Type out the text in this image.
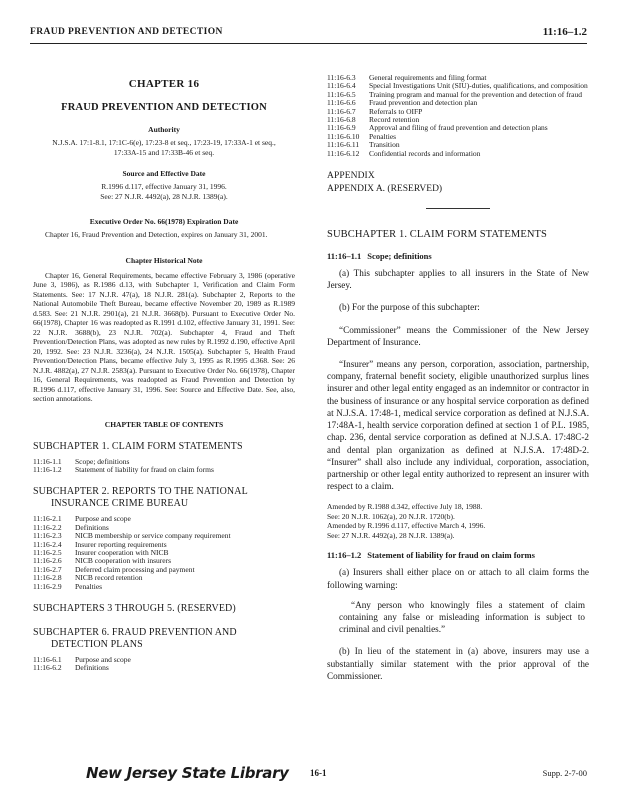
FRAUD PREVENTION AND DETECTION	11:16–1.2
CHAPTER 16
FRAUD PREVENTION AND DETECTION
Authority
N.J.S.A. 17:1-8.1, 17:1C-6(e), 17:23-8 et seq., 17:23-19, 17:33A-1 et seq., 17:33A-15 and 17:33B-46 et seq.
Source and Effective Date
R.1996 d.117, effective January 31, 1996.
See: 27 N.J.R. 4492(a), 28 N.J.R. 1389(a).
Executive Order No. 66(1978) Expiration Date
Chapter 16, Fraud Prevention and Detection, expires on January 31, 2001.
Chapter Historical Note
Chapter 16, General Requirements, became effective February 3, 1986 (operative June 3, 1986), as R.1986 d.13, with Subchapter 1, Verification and Claim Form Statements. See: 17 N.J.R. 47(a), 18 N.J.R. 281(a). Subchapter 2, Reports to the National Automobile Theft Bureau, became effective November 20, 1989 as R.1989 d.583. See: 21 N.J.R. 2901(a), 21 N.J.R. 3668(b). Pursuant to Executive Order No. 66(1978), Chapter 16 was readopted as R.1991 d.102, effective January 31, 1991. See: 22 N.J.R. 3688(b), 23 N.J.R. 702(a). Subchapter 4, Fraud and Theft Prevention/Detection Plans, was adopted as new rules by R.1992 d.190, effective April 20, 1992. See: 23 N.J.R. 3236(a), 24 N.J.R. 1505(a). Subchapter 5, Health Fraud Prevention/Detection Plans, became effective July 3, 1995 as R.1995 d.368. See: 26 N.J.R. 4882(a), 27 N.J.R. 2583(a). Pursuant to Executive Order No. 66(1978), Chapter 16, General Requirements, was readopted as Fraud Prevention and Detection by R.1996 d.117, effective January 31, 1996. See: Source and Effective Date. See, also, section annotations.
CHAPTER TABLE OF CONTENTS
SUBCHAPTER 1. CLAIM FORM STATEMENTS
11:16-1.1	Scope; definitions
11:16-1.2	Statement of liability for fraud on claim forms
SUBCHAPTER 2. REPORTS TO THE NATIONAL
INSURANCE CRIME BUREAU
11:16-2.1	Purpose and scope
11:16-2.2	Definitions
11:16-2.3	NICB membership or service company requirement
11:16-2.4	Insurer reporting requirements
11:16-2.5	Insurer cooperation with NICB
11:16-2.6	NICB cooperation with insurers
11:16-2.7	Deferred claim processing and payment
11:16-2.8	NICB record retention
11:16-2.9	Penalties
SUBCHAPTERS 3 THROUGH 5. (RESERVED)
SUBCHAPTER 6. FRAUD PREVENTION AND
DETECTION PLANS
11:16-6.1	Purpose and scope
11:16-6.2	Definitions
11:16-6.3	General requirements and filing format
11:16-6.4	Special Investigations Unit (SIU)-duties, qualifications, and composition
11:16-6.5	Training program and manual for the prevention and detection of fraud
11:16-6.6	Fraud prevention and detection plan
11:16-6.7	Referrals to OIFP
11:16-6.8	Record retention
11:16-6.9	Approval and filing of fraud prevention and detection plans
11:16-6.10	Penalties
11:16-6.11	Transition
11:16-6.12	Confidential records and information
APPENDIX
APPENDIX A. (RESERVED)
SUBCHAPTER 1. CLAIM FORM STATEMENTS
11:16–1.1 Scope; definitions
(a) This subchapter applies to all insurers in the State of New Jersey.
(b) For the purpose of this subchapter:
“Commissioner” means the Commissioner of the New Jersey Department of Insurance.
“Insurer” means any person, corporation, association, partnership, company, fraternal benefit society, eligible unauthorized surplus lines insurer and other legal entity engaged as an indemnitor or contractor in the business of insurance or any hospital service corporation as defined at N.J.S.A. 17:48-1, medical service corporation as defined at N.J.S.A. 17:48A-1, health service corporation defined at section 1 of P.L. 1985, chap. 236, dental service corporation as defined at N.J.S.A. 17:48C-2 and dental plan organization as defined at N.J.S.A. 17:48D-2. “Insurer” shall also include any individual, corporation, association, partnership or other legal entity authorized to represent an insurer with respect to a claim.
Amended by R.1988 d.342, effective July 18, 1988.
See: 20 N.J.R. 1062(a), 20 N.J.R. 1720(b).
Amended by R.1996 d.117, effective March 4, 1996.
See: 27 N.J.R. 4492(a), 28 N.J.R. 1389(a).
11:16–1.2 Statement of liability for fraud on claim forms
(a) Insurers shall either place on or attach to all claim forms the following warning:
“Any person who knowingly files a statement of claim containing any false or misleading information is subject to criminal and civil penalties.”
(b) In lieu of the statement in (a) above, insurers may use a substantially similar statement with the prior approval of the Commissioner.
New Jersey State Library 16-1	Supp. 2-7-00
